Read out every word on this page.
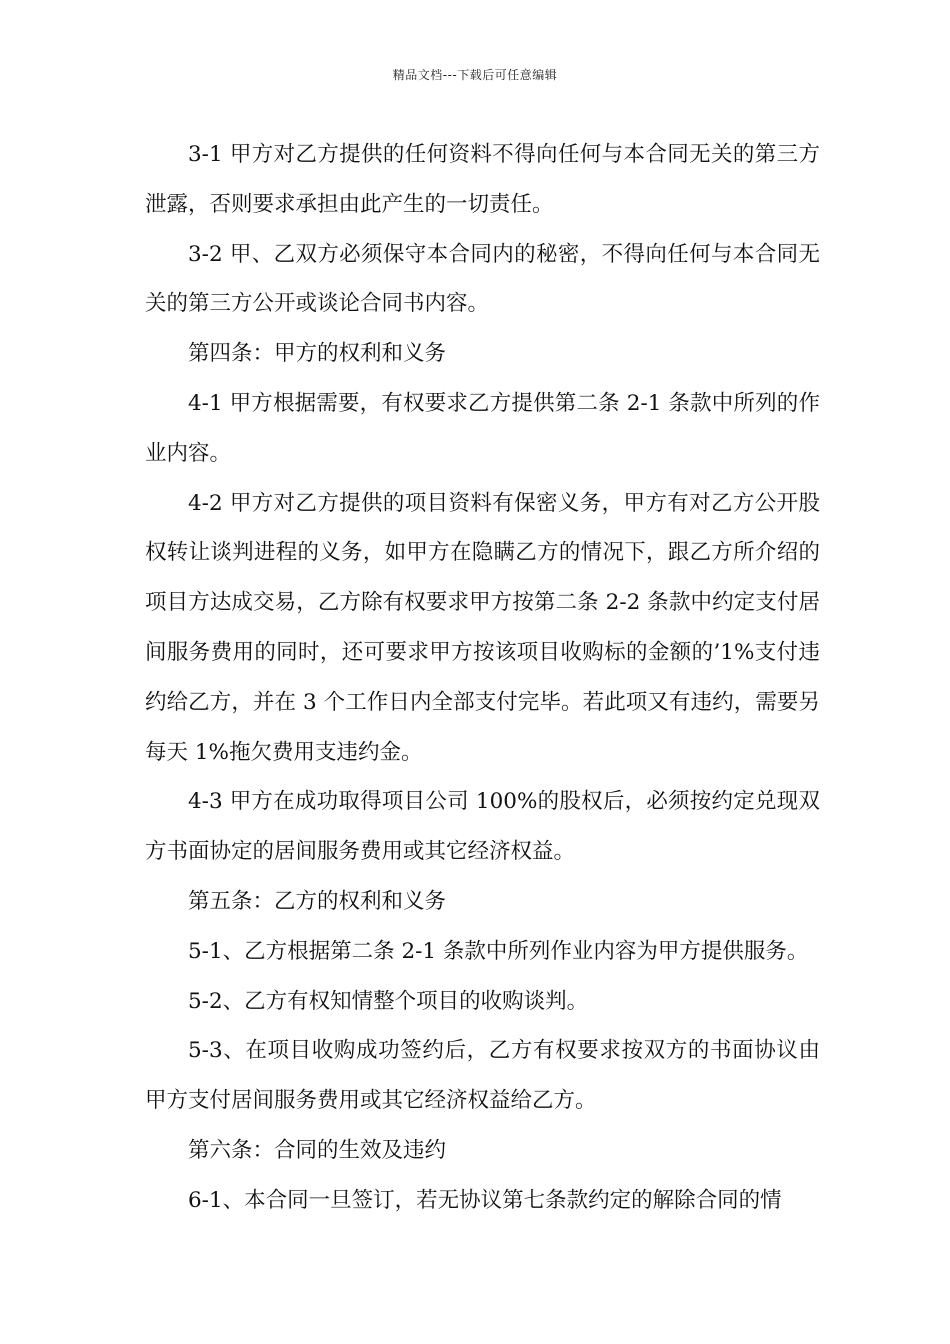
精品文档---下载后可任意编辑

3-1 甲方对乙方提供的任何资料不得向任何与本合同无关的第三方泄露，否则要求承担由此产生的一切责任。

3-2 甲、乙双方必须保守本合同内的秘密，不得向任何与本合同无关的第三方公开或谈论合同书内容。

第四条：甲方的权利和义务

4-1 甲方根据需要，有权要求乙方提供第二条 2-1 条款中所列的作业内容。

4-2 甲方对乙方提供的项目资料有保密义务，甲方有对乙方公开股权转让谈判进程的义务，如甲方在隐瞒乙方的情况下，跟乙方所介绍的项目方达成交易，乙方除有权要求甲方按第二条 2-2 条款中约定支付居间服务费用的同时，还可要求甲方按该项目收购标的金额的’1%支付违约给乙方，并在 3 个工作日内全部支付完毕。若此项又有违约，需要另每天 1%拖欠费用支违约金。

4-3 甲方在成功取得项目公司 100%的股权后，必须按约定兑现双方书面协定的居间服务费用或其它经济权益。

第五条：乙方的权利和义务

5-1、乙方根据第二条 2-1 条款中所列作业内容为甲方提供服务。

5-2、乙方有权知情整个项目的收购谈判。

5-3、在项目收购成功签约后，乙方有权要求按双方的书面协议由甲方支付居间服务费用或其它经济权益给乙方。

第六条：合同的生效及违约

6-1、本合同一旦签订，若无协议第七条款约定的解除合同的情
